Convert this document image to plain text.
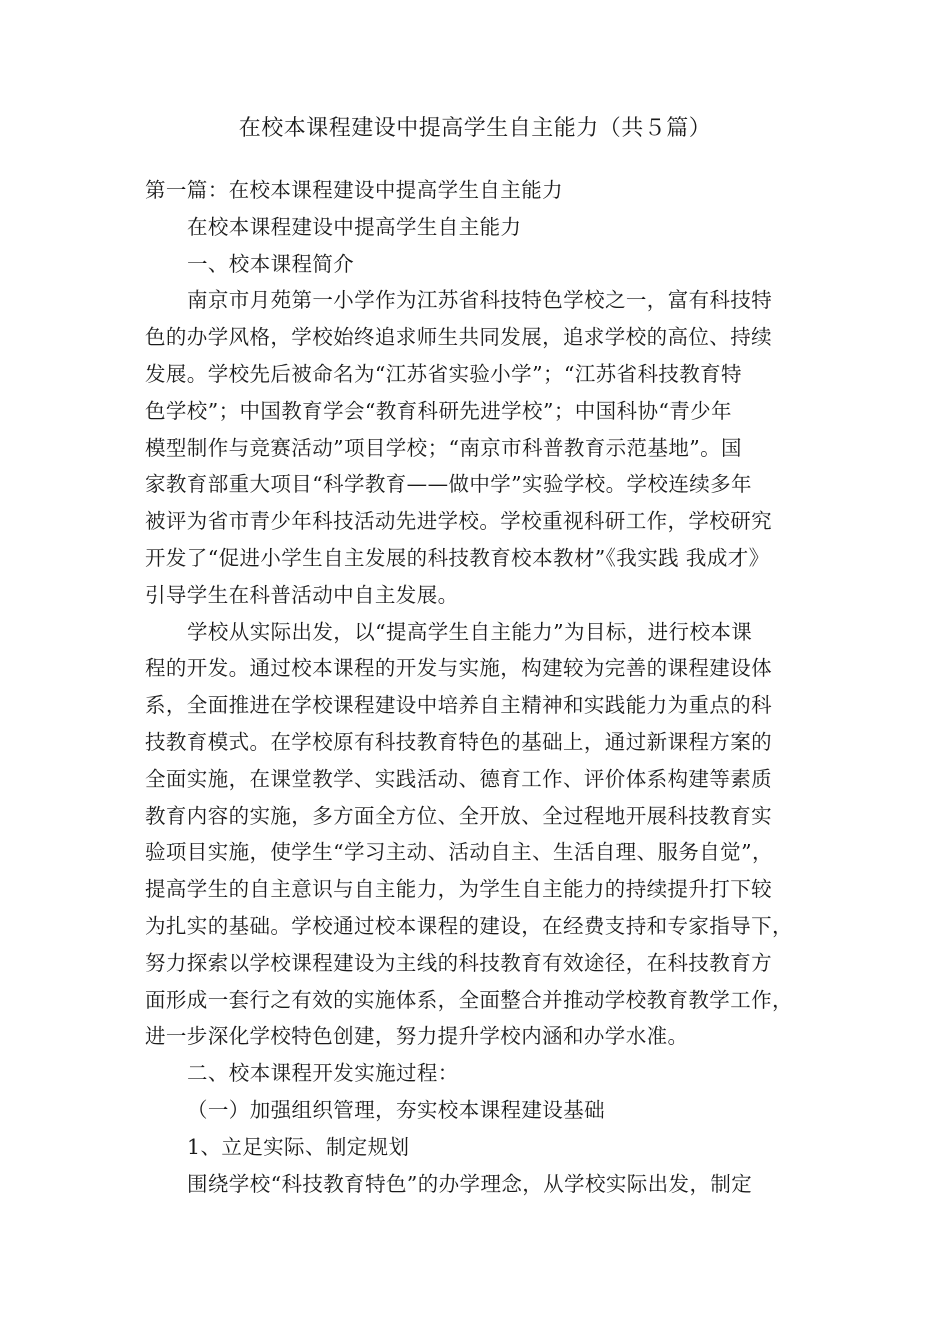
在校本课程建设中提高学生自主能力（共５篇）
第一篇：在校本课程建设中提高学生自主能力
在校本课程建设中提高学生自主能力
一、校本课程简介
南京市月苑第一小学作为江苏省科技特色学校之一，富有科技特
色的办学风格，学校始终追求师生共同发展，追求学校的高位、持续
发展。学校先后被命名为“江苏省实验小学”；“江苏省科技教育特
色学校”；中国教育学会“教育科研先进学校”；中国科协“青少年
模型制作与竞赛活动”项目学校；“南京市科普教育示范基地”。国
家教育部重大项目“科学教育——做中学”实验学校。学校连续多年
被评为省市青少年科技活动先进学校。学校重视科研工作，学校研究
开发了“促进小学生自主发展的科技教育校本教材”《我实践 我成才》
引导学生在科普活动中自主发展。
学校从实际出发，以“提高学生自主能力”为目标，进行校本课
程的开发。通过校本课程的开发与实施，构建较为完善的课程建设体
系，全面推进在学校课程建设中培养自主精神和实践能力为重点的科
技教育模式。在学校原有科技教育特色的基础上，通过新课程方案的
全面实施，在课堂教学、实践活动、德育工作、评价体系构建等素质
教育内容的实施，多方面全方位、全开放、全过程地开展科技教育实
验项目实施，使学生“学习主动、活动自主、生活自理、服务自觉”，
提高学生的自主意识与自主能力，为学生自主能力的持续提升打下较
为扎实的基础。学校通过校本课程的建设，在经费支持和专家指导下，
努力探索以学校课程建设为主线的科技教育有效途径，在科技教育方
面形成一套行之有效的实施体系，全面整合并推动学校教育教学工作，
进一步深化学校特色创建，努力提升学校内涵和办学水准。
二、校本课程开发实施过程：
（一）加强组织管理，夯实校本课程建设基础
1、立足实际、制定规划
围绕学校“科技教育特色”的办学理念，从学校实际出发，制定
